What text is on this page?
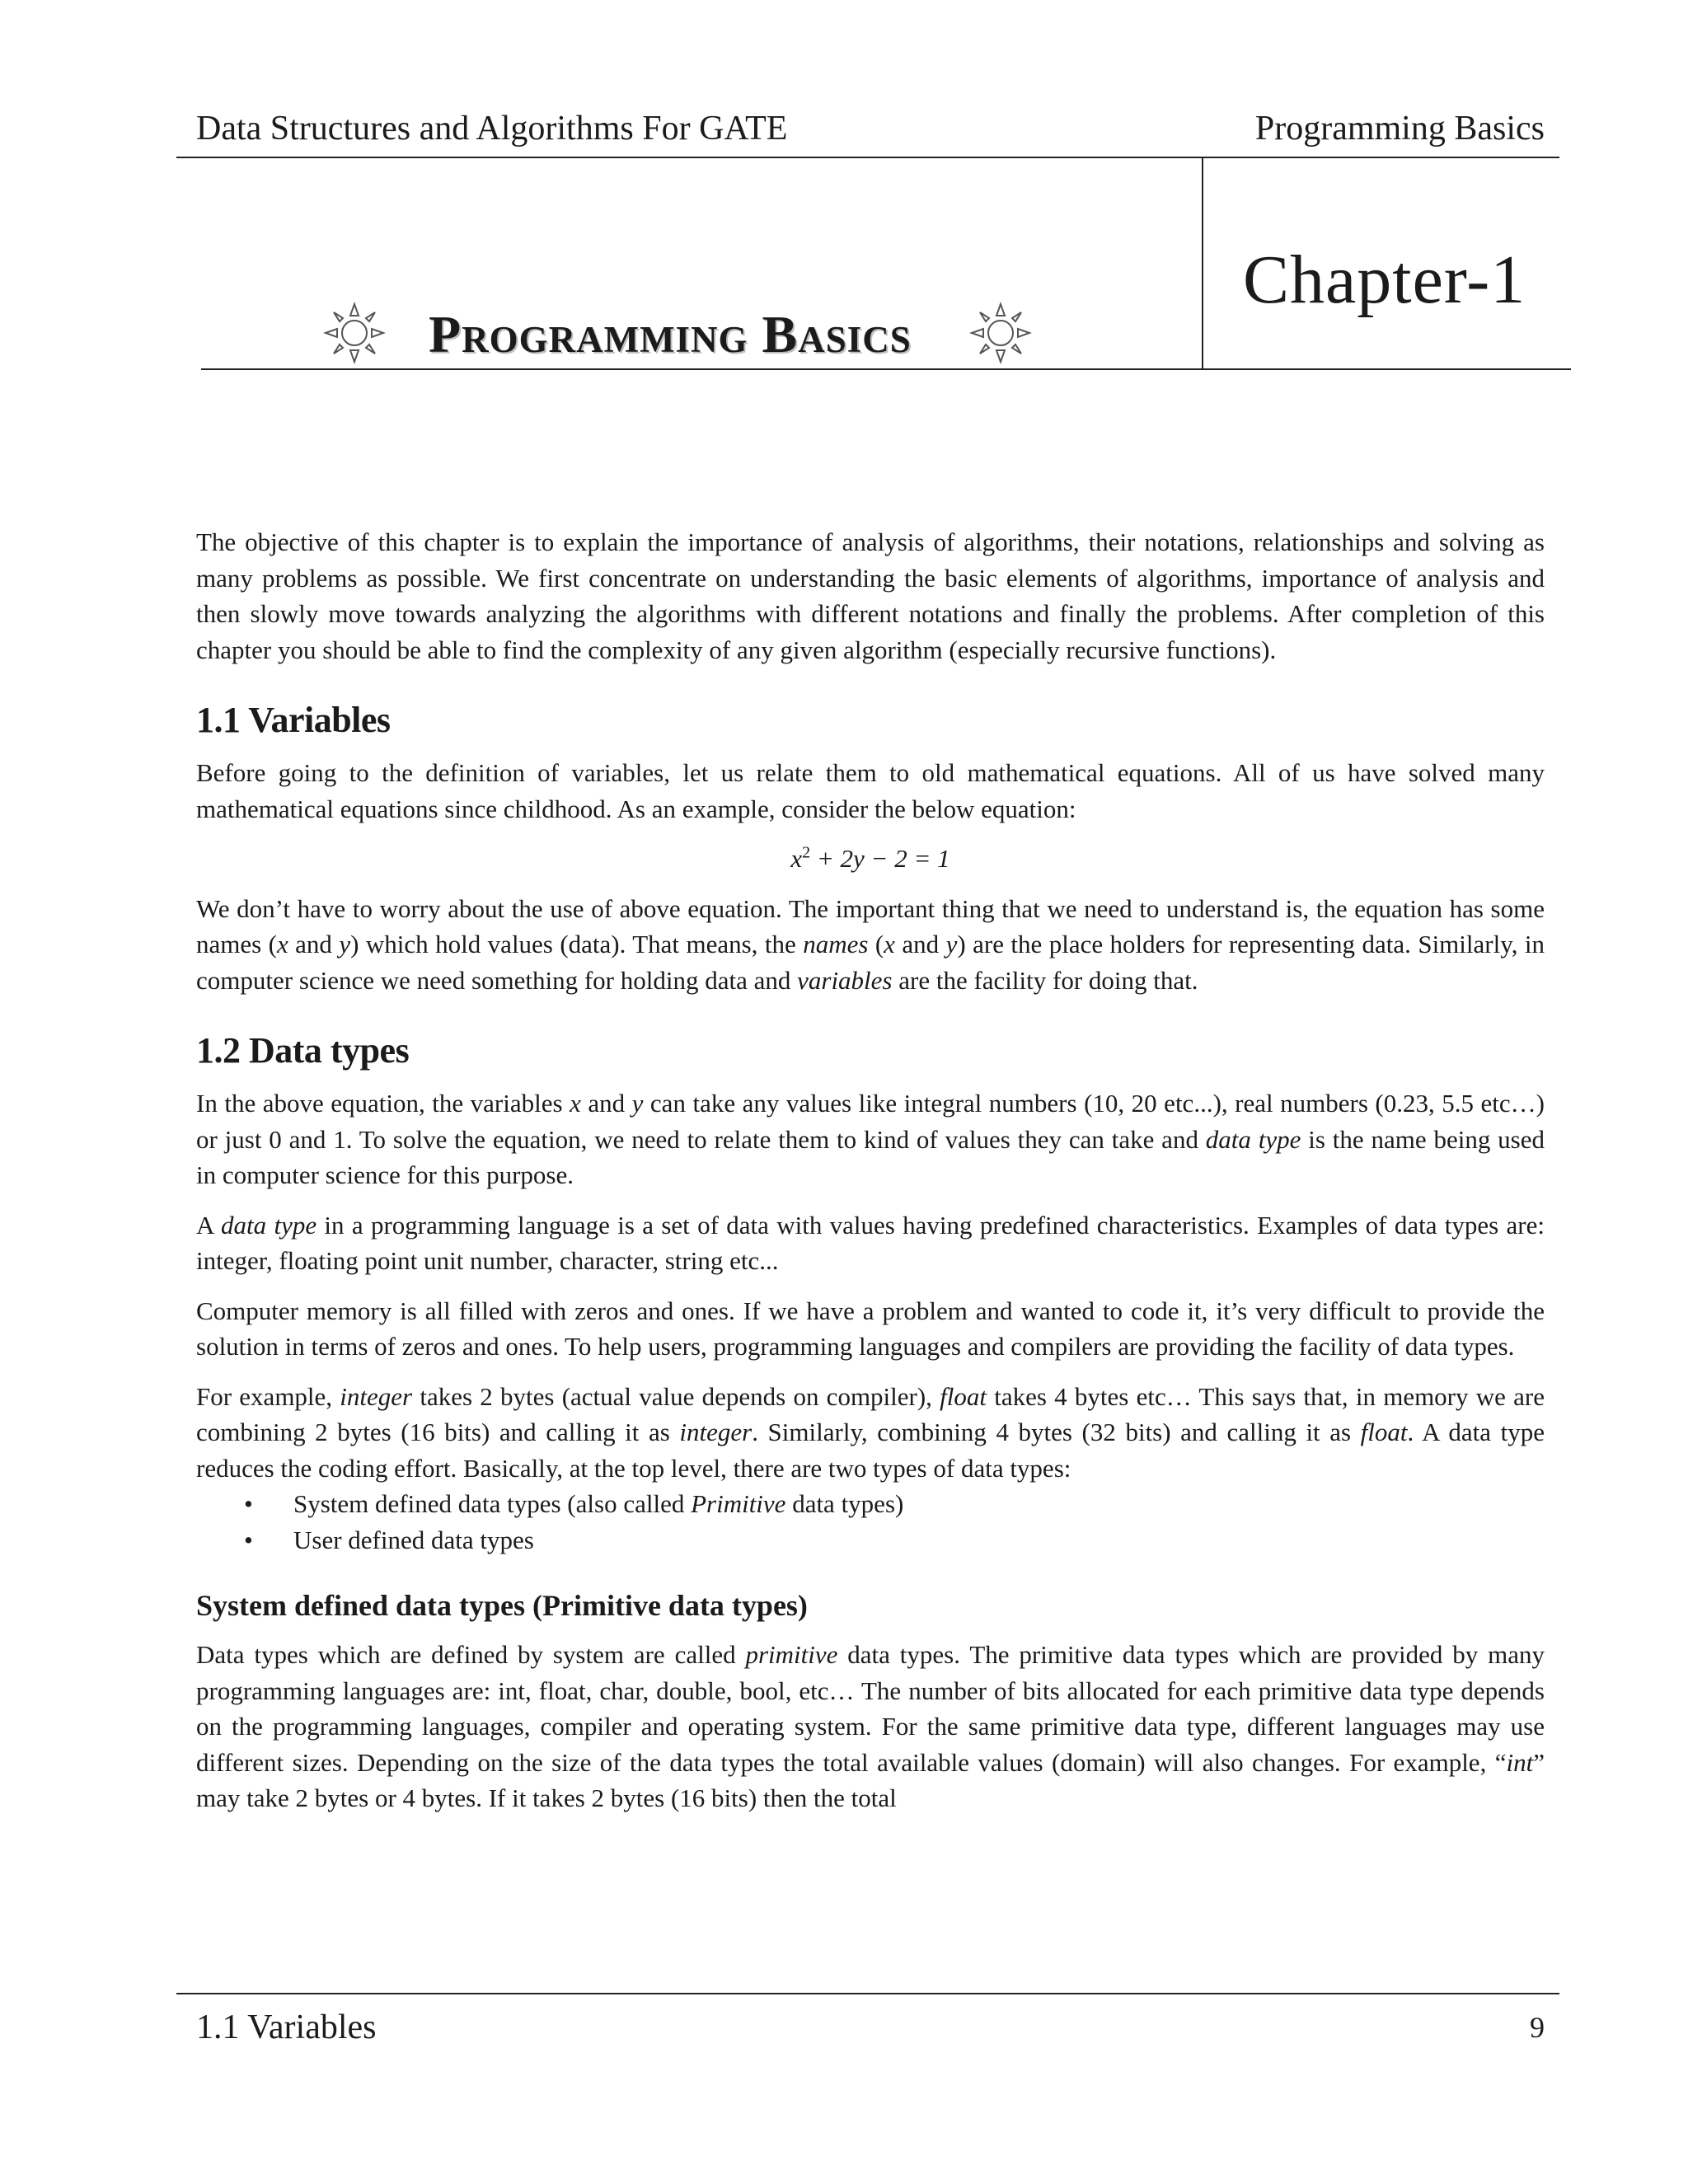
Data Structures and Algorithms For GATE	Programming Basics
Chapter-1
Programming Basics

The objective of this chapter is to explain the importance of analysis of algorithms, their notations, relationships and solving as many problems as possible. We first concentrate on understanding the basic elements of algorithms, importance of analysis and then slowly move towards analyzing the algorithms with different notations and finally the problems. After completion of this chapter you should be able to find the complexity of any given algorithm (especially recursive functions).

1.1 Variables

Before going to the definition of variables, let us relate them to old mathematical equations. All of us have solved many mathematical equations since childhood. As an example, consider the below equation:

$x^2 + 2y - 2 = 1$

We don’t have to worry about the use of above equation. The important thing that we need to understand is, the equation has some names (x and y) which hold values (data). That means, the names (x and y) are the place holders for representing data. Similarly, in computer science we need something for holding data and variables are the facility for doing that.

1.2 Data types

In the above equation, the variables x and y can take any values like integral numbers (10, 20 etc...), real numbers (0.23, 5.5 etc…) or just 0 and 1. To solve the equation, we need to relate them to kind of values they can take and data type is the name being used in computer science for this purpose.

A data type in a programming language is a set of data with values having predefined characteristics. Examples of data types are: integer, floating point unit number, character, string etc...

Computer memory is all filled with zeros and ones. If we have a problem and wanted to code it, it’s very difficult to provide the solution in terms of zeros and ones. To help users, programming languages and compilers are providing the facility of data types.

For example, integer takes 2 bytes (actual value depends on compiler), float takes 4 bytes etc… This says that, in memory we are combining 2 bytes (16 bits) and calling it as integer. Similarly, combining 4 bytes (32 bits) and calling it as float. A data type reduces the coding effort. Basically, at the top level, there are two types of data types:

• System defined data types (also called Primitive data types)
• User defined data types
System defined data types (Primitive data types)

Data types which are defined by system are called primitive data types. The primitive data types which are provided by many programming languages are: int, float, char, double, bool, etc… The number of bits allocated for each primitive data type depends on the programming languages, compiler and operating system. For the same primitive data type, different languages may use different sizes. Depending on the size of the data types the total available values (domain) will also changes. For example, “int” may take 2 bytes or 4 bytes. If it takes 2 bytes (16 bits) then the total

1.1 Variables	9
